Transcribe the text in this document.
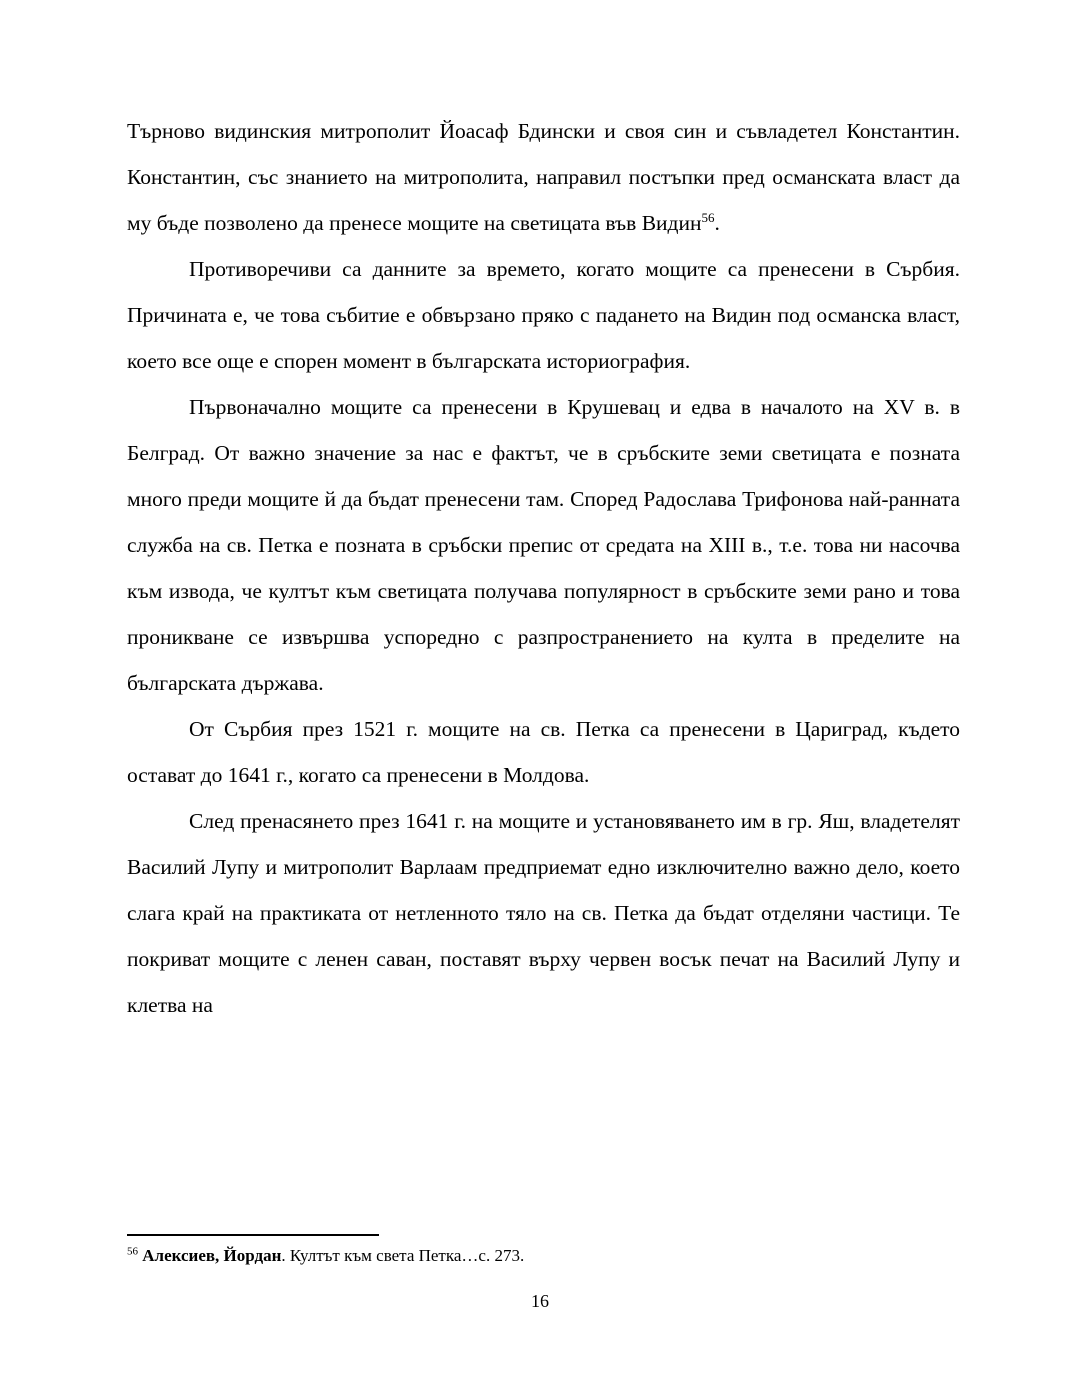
Търново видинския митрополит Йоасаф Бдински и своя син и съвладетел Константин. Константин, със знанието на митрополита, направил постъпки пред османската власт да му бъде позволено да пренесе мощите на светицата във Видин$^{56}$.

Противоречиви са данните за времето, когато мощите са пренесени в Сърбия. Причината е, че това събитие е обвързано пряко с падането на Видин под османска власт, което все още е спорен момент в българската историография.

Първоначално мощите са пренесени в Крушевац и едва в началото на XV в. в Белград. От важно значение за нас е фактът, че в сръбските земи светицата е позната много преди мощите й да бъдат пренесени там. Според Радослава Трифонова най-ранната служба на св. Петка е позната в сръбски препис от средата на XIII в., т.е. това ни насочва към извода, че култът към светицата получава популярност в сръбските земи рано и това проникване се извършва успоредно с разпространението на култа в пределите на българската държава.

От Сърбия през 1521 г. мощите на св. Петка са пренесени в Цариград, където остават до 1641 г., когато са пренесени в Молдова.

След пренасянето през 1641 г. на мощите и установяването им в гр. Яш, владетелят Василий Лупу и митрополит Варлаам предприемат едно изключително важно дело, което слага край на практиката от нетленното тяло на св. Петка да бъдат отделяни частици. Те покриват мощите с ленен саван, поставят върху червен восък печат на Василий Лупу и клетва на

$^{56}$ Алексиев, Йордан. Култът към света Петка…с. 273.

16
